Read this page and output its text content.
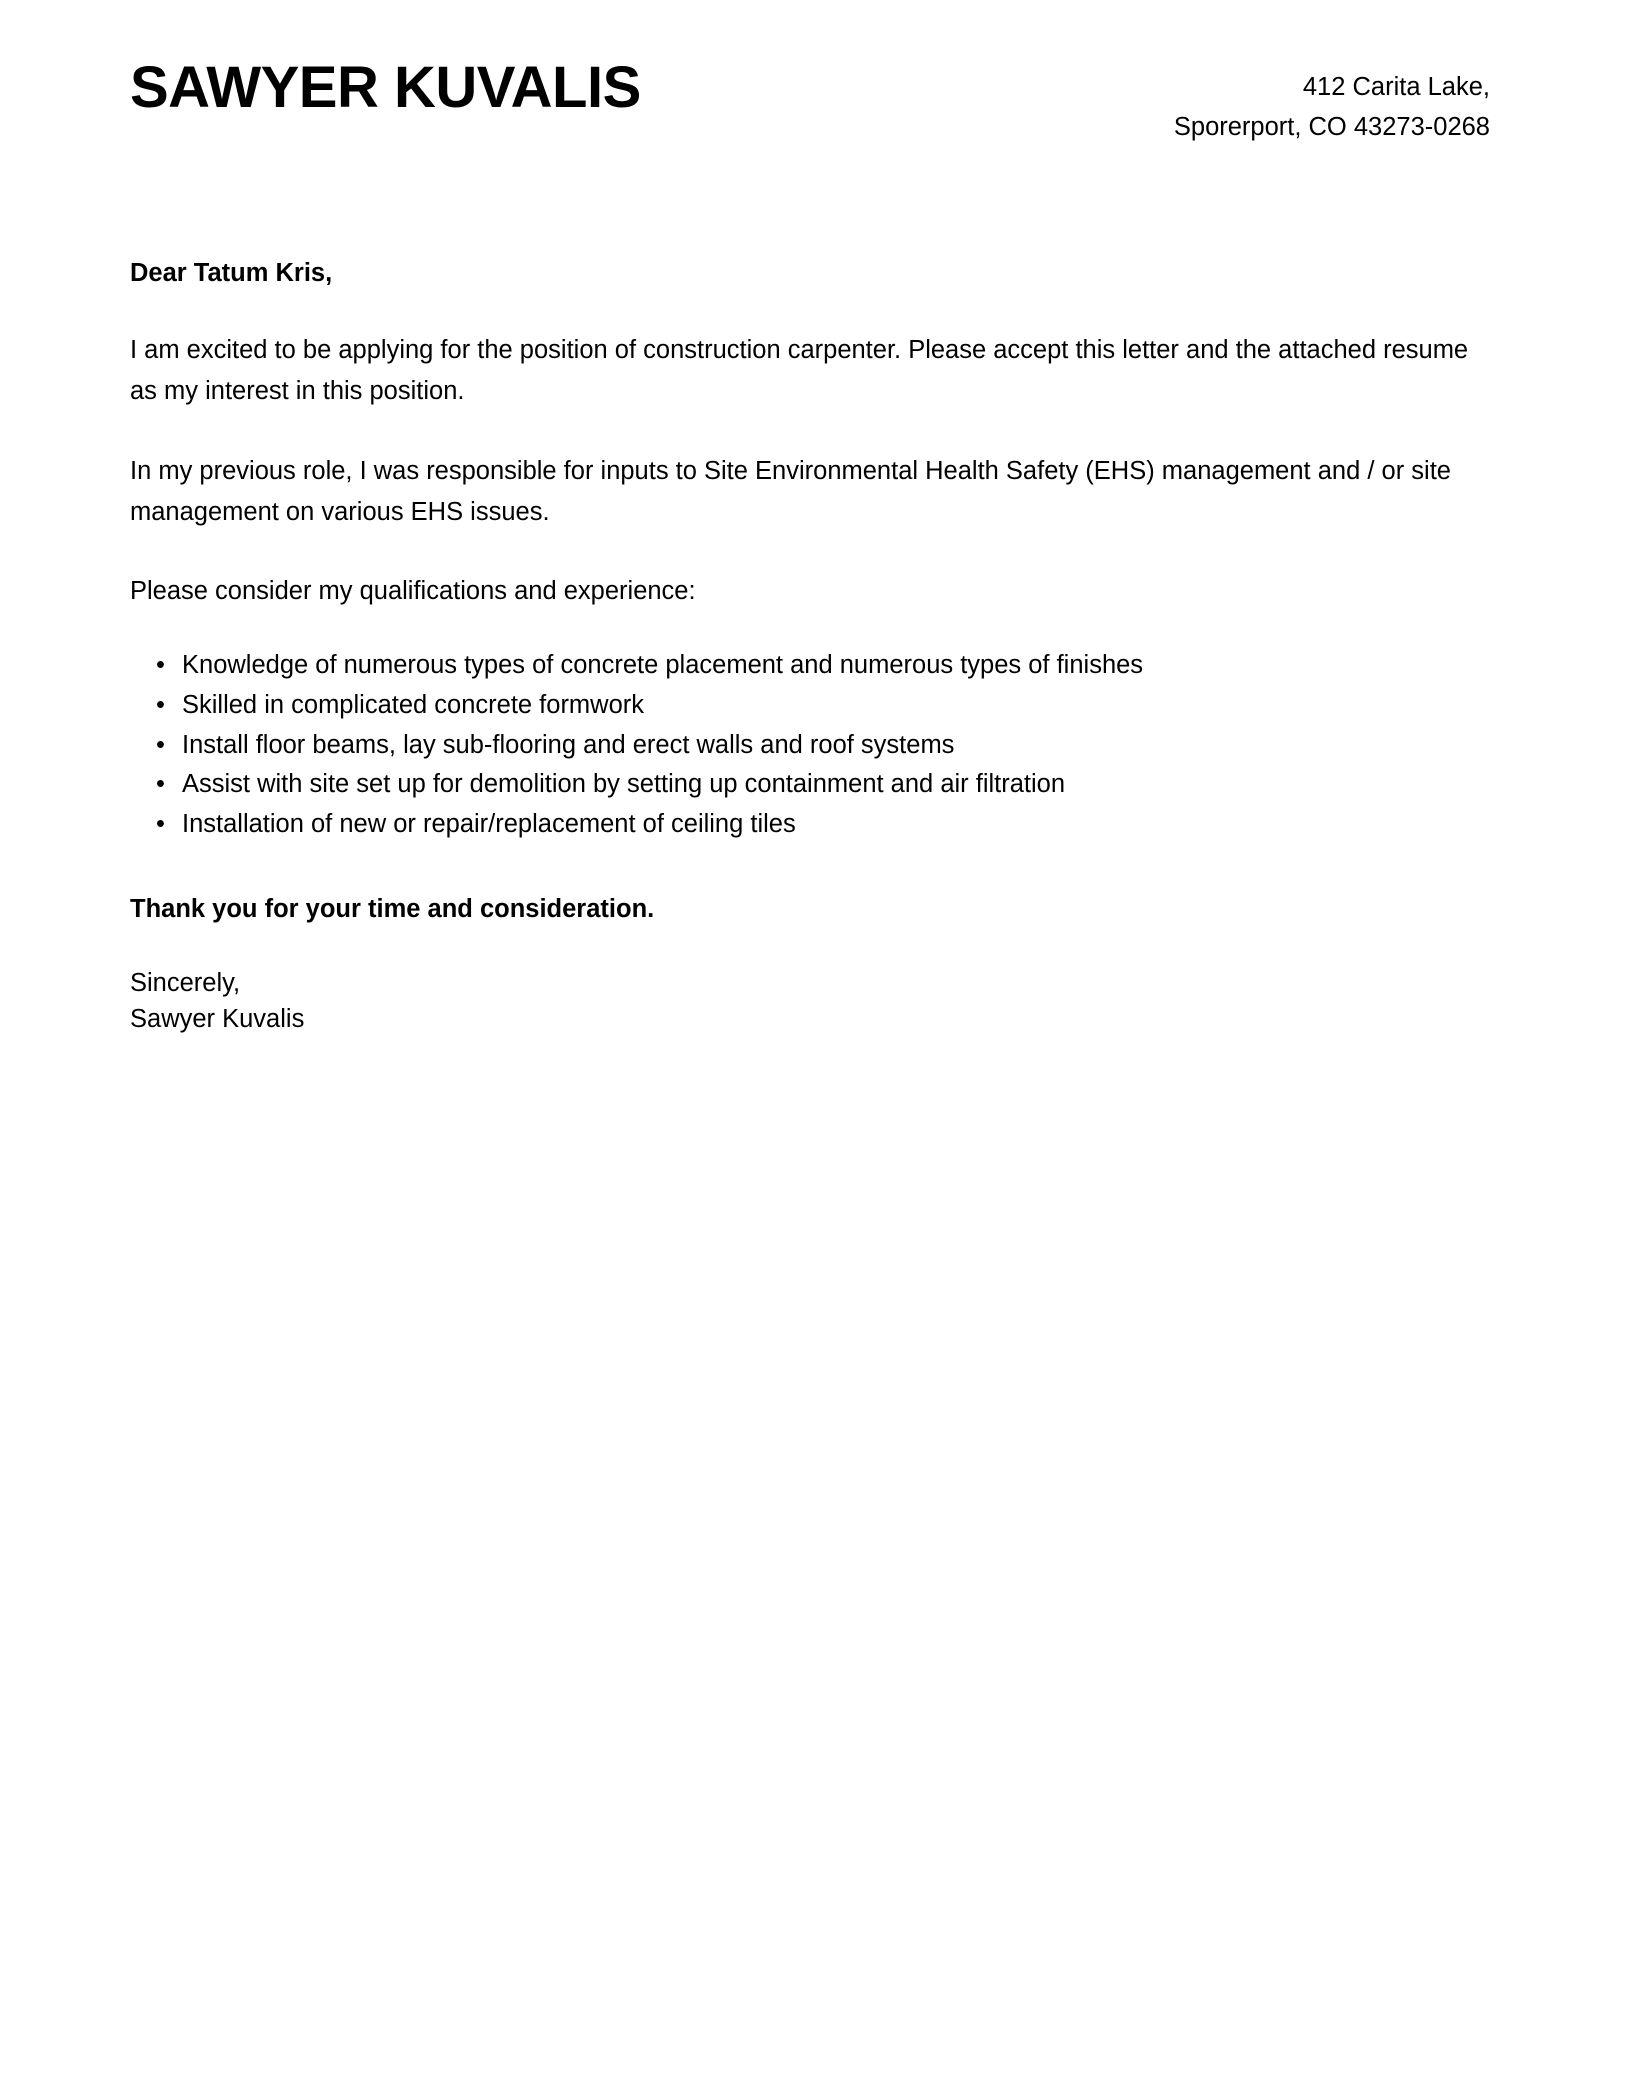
SAWYER KUVALIS	412 Carita Lake,
Sporerport, CO 43273-0268
Dear Tatum Kris,

I am excited to be applying for the position of construction carpenter. Please accept this letter and the attached resume as my interest in this position.

In my previous role, I was responsible for inputs to Site Environmental Health Safety (EHS) management and / or site management on various EHS issues.

Please consider my qualifications and experience:

• Knowledge of numerous types of concrete placement and numerous types of finishes
• Skilled in complicated concrete formwork
• Install floor beams, lay sub-flooring and erect walls and roof systems
• Assist with site set up for demolition by setting up containment and air filtration
• Installation of new or repair/replacement of ceiling tiles
Thank you for your time and consideration.
Sincerely,
Sawyer Kuvalis
